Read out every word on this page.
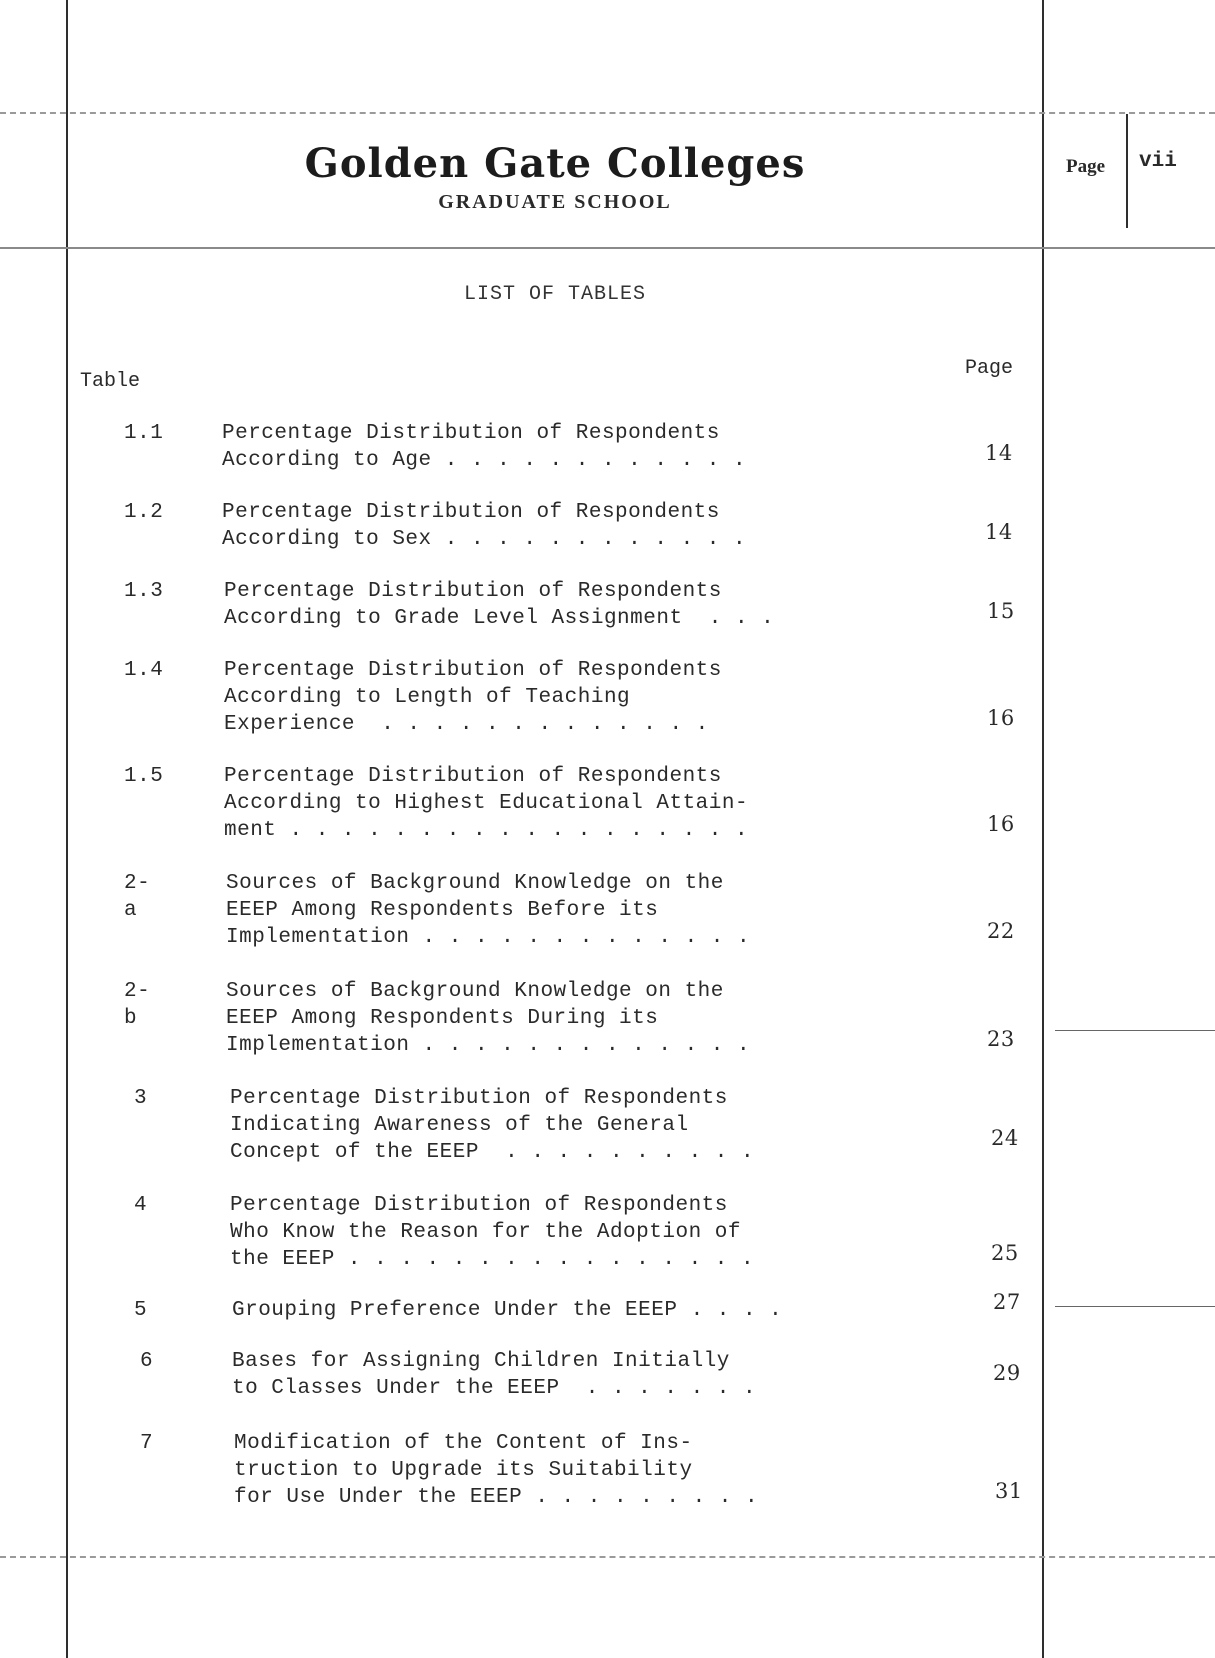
Golden Gate Colleges
GRADUATE SCHOOL
Page vii
LIST OF TABLES
Table
Page
1.1	Percentage Distribution of Respondents
According to Age . . . . . . . . . . . .	14
1.2	Percentage Distribution of Respondents
According to Sex . . . . . . . . . . . .	14
1.3	Percentage Distribution of Respondents
According to Grade Level Assignment  . . .	15
1.4	Percentage Distribution of Respondents
According to Length of Teaching
Experience  . . . . . . . . . . . . .	16
1.5	Percentage Distribution of Respondents
According to Highest Educational Attain-
ment . . . . . . . . . . . . . . . . . .	16
2-a
Sources of Background Knowledge on the
EEEP Among Respondents Before its
Implementation . . . . . . . . . . . . .	22
2-b
Sources of Background Knowledge on the
EEEP Among Respondents During its
Implementation . . . . . . . . . . . . .	23
3	Percentage Distribution of Respondents
Indicating Awareness of the General
Concept of the EEEP  . . . . . . . . . .
24
4	Percentage Distribution of Respondents
Who Know the Reason for the Adoption of
the EEEP . . . . . . . . . . . . . . . .	25
5	Grouping Preference Under the EEEP . . . .	27
6	Bases for Assigning Children Initially
to Classes Under the EEEP  . . . . . . .
29
7	Modification of the Content of Ins-
truction to Upgrade its Suitability
for Use Under the EEEP . . . . . . . . .	31
